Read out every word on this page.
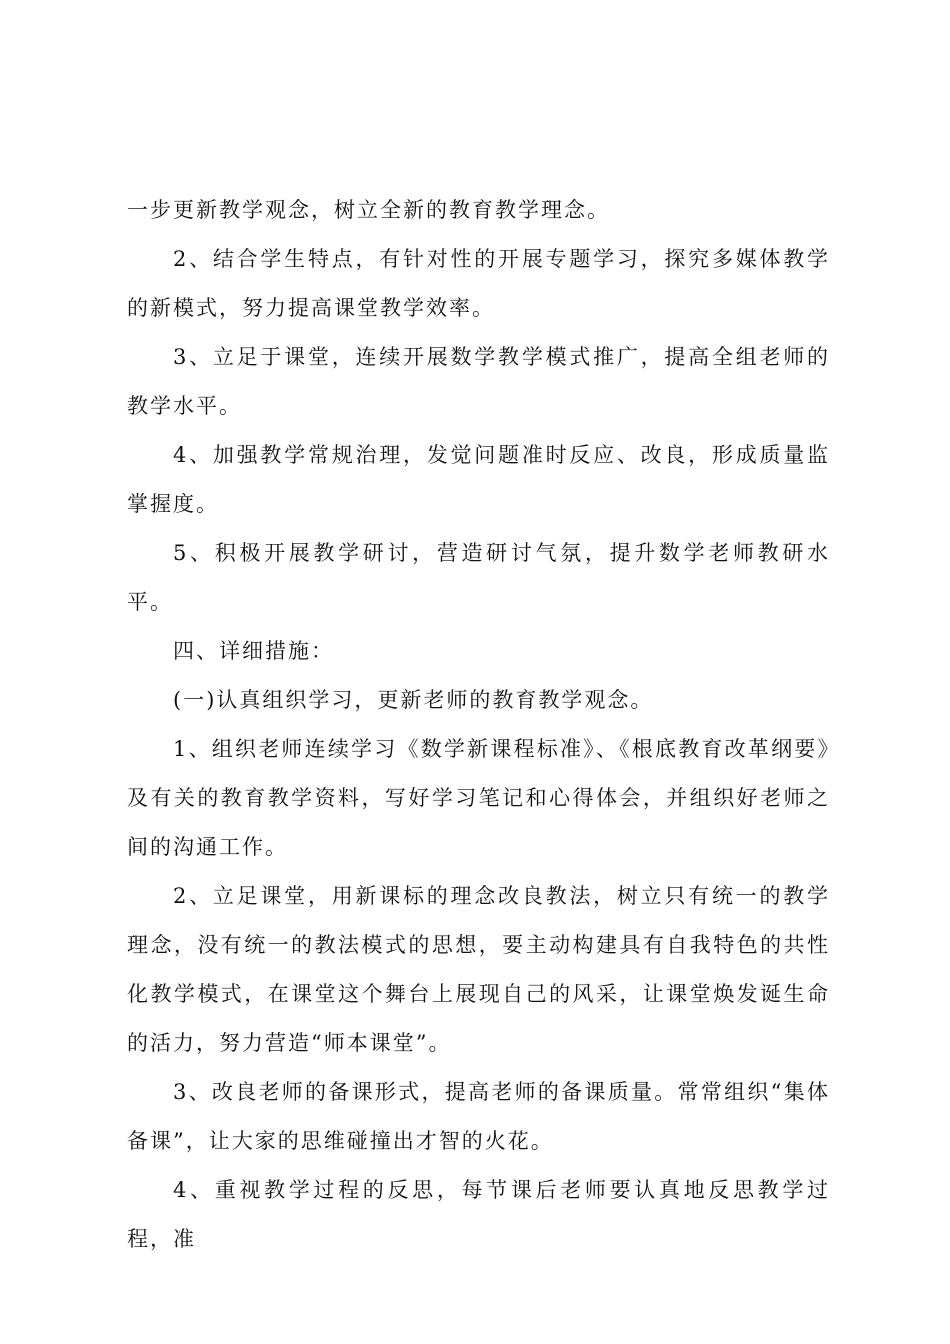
一步更新教学观念，树立全新的教育教学理念。

2、结合学生特点，有针对性的开展专题学习，探究多媒体教学的新模式，努力提高课堂教学效率。

3、立足于课堂，连续开展数学教学模式推广，提高全组老师的教学水平。

4、加强教学常规治理，发觉问题准时反应、改良，形成质量监掌握度。

5、积极开展教学研讨，营造研讨气氛，提升数学老师教研水平。

四、详细措施：

(一)认真组织学习，更新老师的教育教学观念。

1、组织老师连续学习《数学新课程标准》、《根底教育改革纲要》及有关的教育教学资料，写好学习笔记和心得体会，并组织好老师之间的沟通工作。

2、立足课堂，用新课标的理念改良教法，树立只有统一的教学理念，没有统一的教法模式的思想，要主动构建具有自我特色的共性化教学模式，在课堂这个舞台上展现自己的风采，让课堂焕发诞生命的活力，努力营造“师本课堂”。

3、改良老师的备课形式，提高老师的备课质量。常常组织“集体备课”，让大家的思维碰撞出才智的火花。

4、重视教学过程的反思，每节课后老师要认真地反思教学过程，准
